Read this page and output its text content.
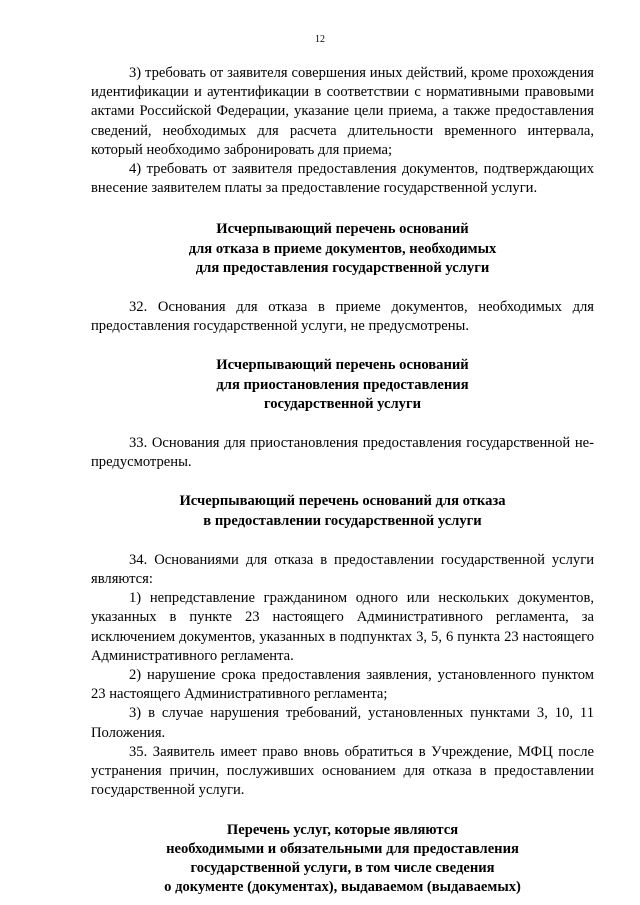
12

3) требовать от заявителя совершения иных действий, кроме прохождения идентификации и аутентификации в соответствии с нормативными правовыми актами Российской Федерации, указание цели приема, а также предоставления сведений, необходимых для расчета длительности временного интервала, который необходимо забронировать для приема;

4) требовать от заявителя предоставления документов, подтверждающих внесение заявителем платы за предоставление государственной услуги.

Исчерпывающий перечень оснований
для отказа в приеме документов, необходимых
для предоставления государственной услуги

32. Основания для отказа в приеме документов, необходимых для предоставления государственной услуги, не предусмотрены.

Исчерпывающий перечень оснований
для приостановления предоставления
государственной услуги

33. Основания для приостановления предоставления государственной не-предусмотрены.

Исчерпывающий перечень оснований для отказа
в предоставлении государственной услуги

34. Основаниями для отказа в предоставлении государственной услуги являются:

1) непредставление гражданином одного или нескольких документов, указанных в пункте 23 настоящего Административного регламента, за исключением документов, указанных в подпунктах 3, 5, 6 пункта 23 настоящего Административного регламента.

2) нарушение срока предоставления заявления, установленного пунктом 23 настоящего Административного регламента;

3) в случае нарушения требований, установленных пунктами 3, 10, 11 Положения.

35. Заявитель имеет право вновь обратиться в Учреждение, МФЦ после устранения причин, послуживших основанием для отказа в предоставлении государственной услуги.

Перечень услуг, которые являются
необходимыми и обязательными для предоставления
государственной услуги, в том числе сведения
о документе (документах), выдаваемом (выдаваемых)
